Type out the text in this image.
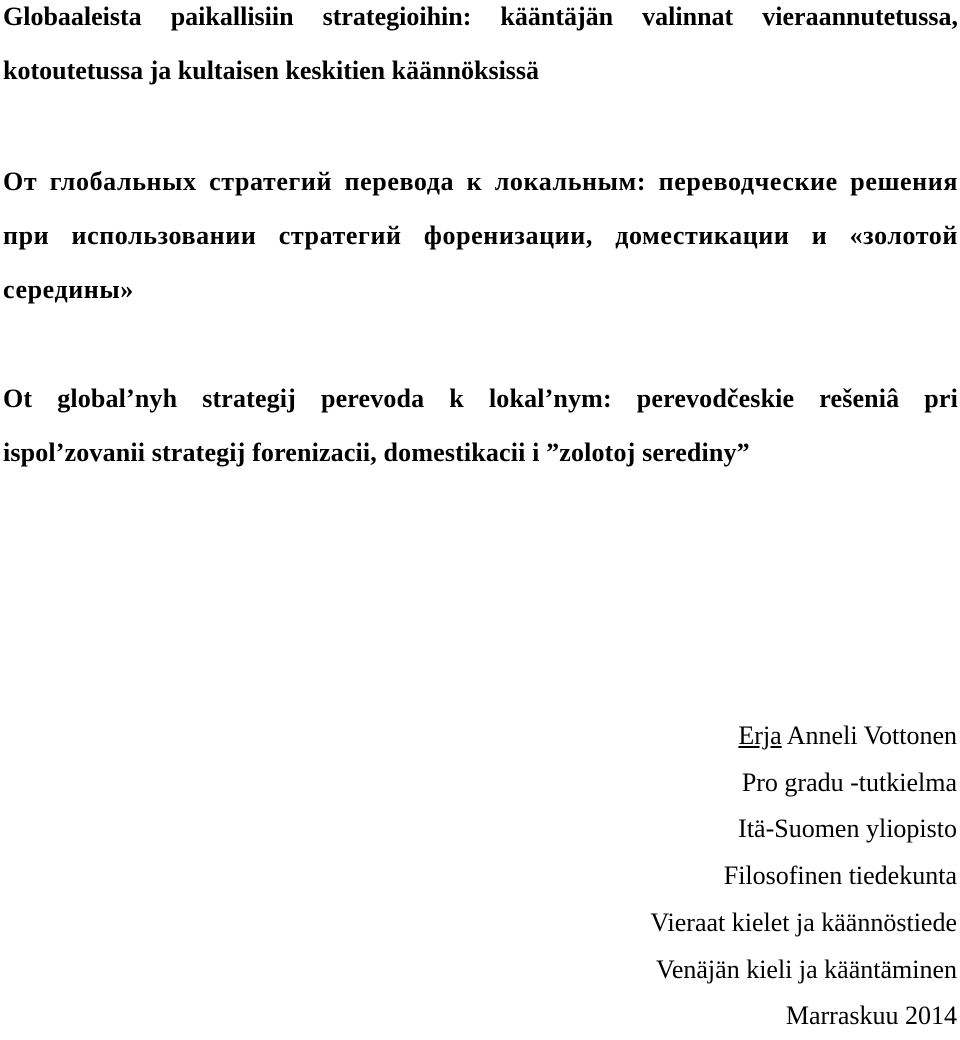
Globaaleista paikallisiin strategioihin: kääntäjän valinnat vieraannutetussa, kotoutetussa ja kultaisen keskitien käännöksissä
От глобальных стратегий перевода к локальным: переводческие решения при использовании стратегий форенизации, доместикации и «золотой середины»
Ot global’nyh strategij perevoda k lokal’nym: perevodčeskie rešeniâ pri ispol’zovanii strategij forenizacii, domestikacii i ”zolotoj serediny”
Erja Anneli Vottonen
Pro gradu -tutkielma
Itä-Suomen yliopisto
Filosofinen tiedekunta
Vieraat kielet ja käännöstiede
Venäjän kieli ja kääntäminen
Marraskuu 2014
